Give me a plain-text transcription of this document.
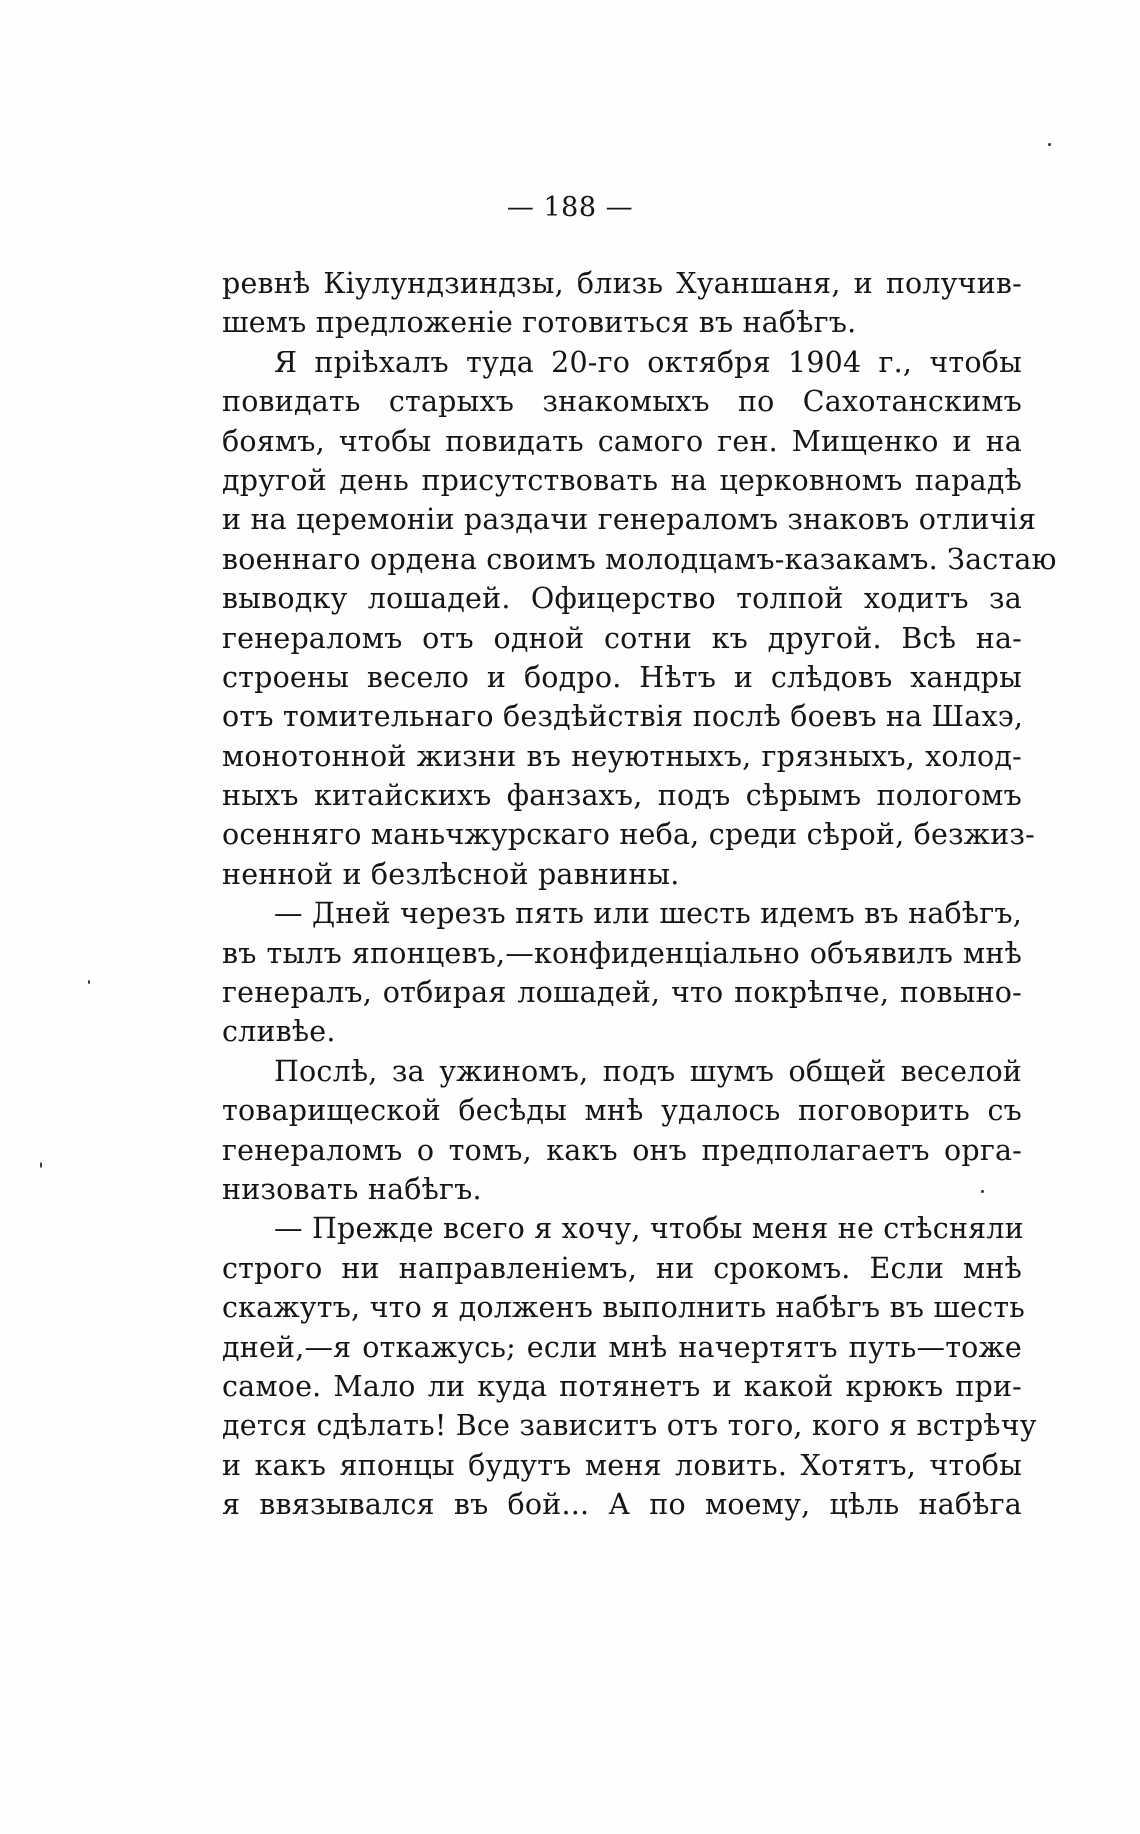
— 188 —
ревнѣ Кіулундзиндзы, близь Хуаншаня, и получив-
шемъ предложеніе готовиться въ набѣгъ.
Я пріѣхалъ туда 20-го октября 1904 г., чтобы
повидать старыхъ знакомыхъ по Сахотанскимъ
боямъ, чтобы повидать самого ген. Мищенко и на
другой день присутствовать на церковномъ парадѣ
и на церемоніи раздачи генераломъ знаковъ отличія
военнаго ордена своимъ молодцамъ-казакамъ. Застаю
выводку лошадей. Офицерство толпой ходитъ за
генераломъ отъ одной сотни къ другой. Всѣ на-
строены весело и бодро. Нѣтъ и слѣдовъ хандры
отъ томительнаго бездѣйствія послѣ боевъ на Шахэ,
монотонной жизни въ неуютныхъ, грязныхъ, холод-
ныхъ китайскихъ фанзахъ, подъ сѣрымъ пологомъ
осенняго маньчжурскаго неба, среди сѣрой, безжиз-
ненной и безлѣсной равнины.
— Дней черезъ пять или шесть идемъ въ набѣгъ,
въ тылъ японцевъ,—конфиденціально объявилъ мнѣ
генералъ, отбирая лошадей, что покрѣпче, повыно-
сливѣе.
Послѣ, за ужиномъ, подъ шумъ общей веселой
товарищеской бесѣды мнѣ удалось поговорить съ
генераломъ о томъ, какъ онъ предполагаетъ орга-
низовать набѣгъ.
— Прежде всего я хочу, чтобы меня не стѣсняли
строго ни направленіемъ, ни срокомъ. Если мнѣ
скажутъ, что я долженъ выполнить набѣгъ въ шесть
дней,—я откажусь; если мнѣ начертятъ путь—тоже
самое. Мало ли куда потянетъ и какой крюкъ при-
дется сдѣлать! Все зависитъ отъ того, кого я встрѣчу
и какъ японцы будутъ меня ловить. Хотятъ, чтобы
я ввязывался въ бой... А по моему, цѣль набѣга
